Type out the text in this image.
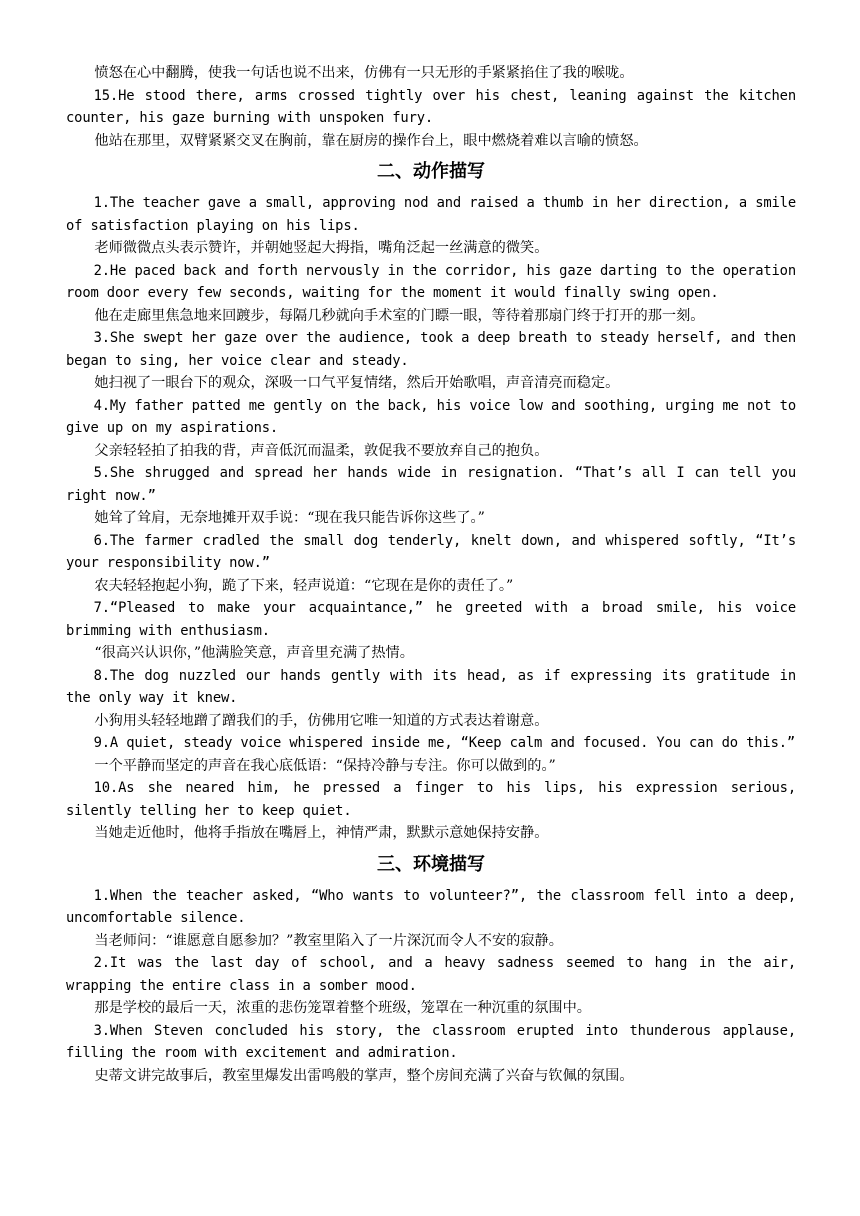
愤怒在心中翻腾，使我一句话也说不出来，仿佛有一只无形的手紧紧掐住了我的喉咙。

15.He stood there, arms crossed tightly over his chest, leaning against the kitchen counter, his gaze burning with unspoken fury.

他站在那里，双臂紧紧交叉在胸前，靠在厨房的操作台上，眼中燃烧着难以言喻的愤怒。

二、动作描写

1.The teacher gave a small, approving nod and raised a thumb in her direction, a smile of satisfaction playing on his lips.

老师微微点头表示赞许，并朝她竖起大拇指，嘴角泛起一丝满意的微笑。

2.He paced back and forth nervously in the corridor, his gaze darting to the operation room door every few seconds, waiting for the moment it would finally swing open.

他在走廊里焦急地来回踱步，每隔几秒就向手术室的门瞟一眼，等待着那扇门终于打开的那一刻。

3.She swept her gaze over the audience, took a deep breath to steady herself, and then began to sing, her voice clear and steady.

她扫视了一眼台下的观众，深吸一口气平复情绪，然后开始歌唱，声音清亮而稳定。

4.My father patted me gently on the back, his voice low and soothing, urging me not to give up on my aspirations.

父亲轻轻拍了拍我的背，声音低沉而温柔，敦促我不要放弃自己的抱负。

5.She shrugged and spread her hands wide in resignation. “That’s all I can tell you right now.”

她耸了耸肩，无奈地摊开双手说：“现在我只能告诉你这些了。”

6.The farmer cradled the small dog tenderly, knelt down, and whispered softly, “It’s your responsibility now.”

农夫轻轻抱起小狗，跪了下来，轻声说道：“它现在是你的责任了。”

7.“Pleased to make your acquaintance,” he greeted with a broad smile, his voice brimming with enthusiasm.

“很高兴认识你，”他满脸笑意，声音里充满了热情。

8.The dog nuzzled our hands gently with its head, as if expressing its gratitude in the only way it knew.

小狗用头轻轻地蹭了蹭我们的手，仿佛用它唯一知道的方式表达着谢意。

9.A quiet, steady voice whispered inside me, “Keep calm and focused. You can do this.”

一个平静而坚定的声音在我心底低语：“保持冷静与专注。你可以做到的。”

10.As she neared him, he pressed a finger to his lips, his expression serious, silently telling her to keep quiet.

当她走近他时，他将手指放在嘴唇上，神情严肃，默默示意她保持安静。

三、环境描写

1.When the teacher asked, “Who wants to volunteer?”, the classroom fell into a deep, uncomfortable silence.

当老师问：“谁愿意自愿参加？”教室里陷入了一片深沉而令人不安的寂静。

2.It was the last day of school, and a heavy sadness seemed to hang in the air, wrapping the entire class in a somber mood.

那是学校的最后一天，浓重的悲伤笼罩着整个班级，笼罩在一种沉重的氛围中。

3.When Steven concluded his story, the classroom erupted into thunderous applause, filling the room with excitement and admiration.

史蒂文讲完故事后，教室里爆发出雷鸣般的掌声，整个房间充满了兴奋与钦佩的氛围。
